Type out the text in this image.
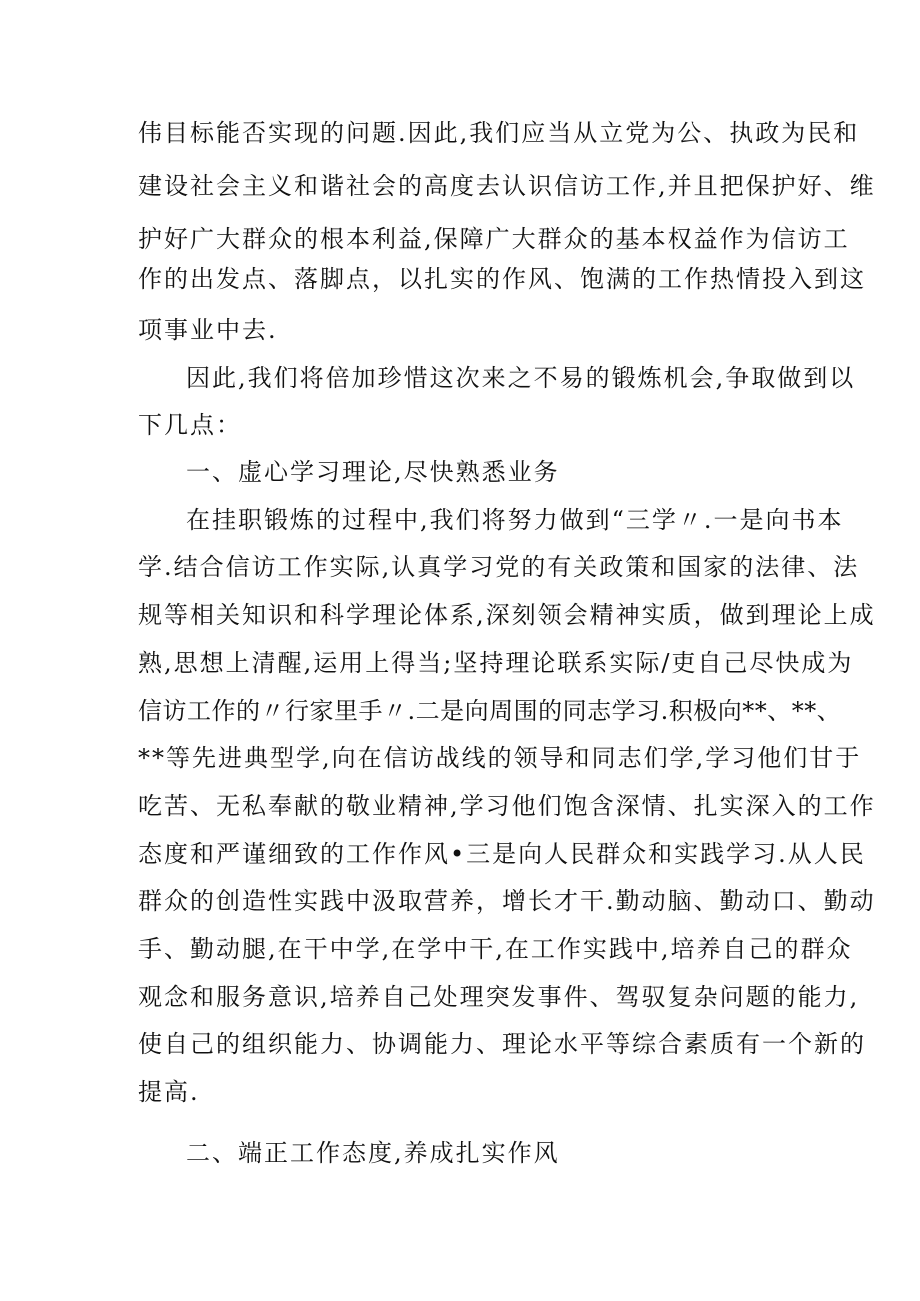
伟目标能否实现的问题.因此,我们应当从立党为公、执政为民和
建设社会主义和谐社会的高度去认识信访工作,并且把保护好、维
护好广大群众的根本利益,保障广大群众的基本权益作为信访工
作的出发点、落脚点，以扎实的作风、饱满的工作热情投入到这
项事业中去.
因此,我们将倍加珍惜这次来之不易的锻炼机会,争取做到以
下几点：
一、虚心学习理论,尽快熟悉业务
在挂职锻炼的过程中,我们将努力做到“三学〃.一是向书本
学.结合信访工作实际,认真学习党的有关政策和国家的法律、法
规等相关知识和科学理论体系,深刻领会精神实质，做到理论上成
熟,思想上清醒,运用上得当;坚持理论联系实际/吏自己尽快成为
信访工作的〃行家里手〃.二是向周围的同志学习.积极向**、**、
**等先进典型学,向在信访战线的领导和同志们学,学习他们甘于
吃苦、无私奉献的敬业精神,学习他们饱含深情、扎实深入的工作
态度和严谨细致的工作作风•三是向人民群众和实践学习.从人民
群众的创造性实践中汲取营养，增长才干.勤动脑、勤动口、勤动
手、勤动腿,在干中学,在学中干,在工作实践中,培养自己的群众
观念和服务意识,培养自己处理突发事件、驾驭复杂问题的能力,
使自己的组织能力、协调能力、理论水平等综合素质有一个新的
提高.
二、端正工作态度,养成扎实作风
